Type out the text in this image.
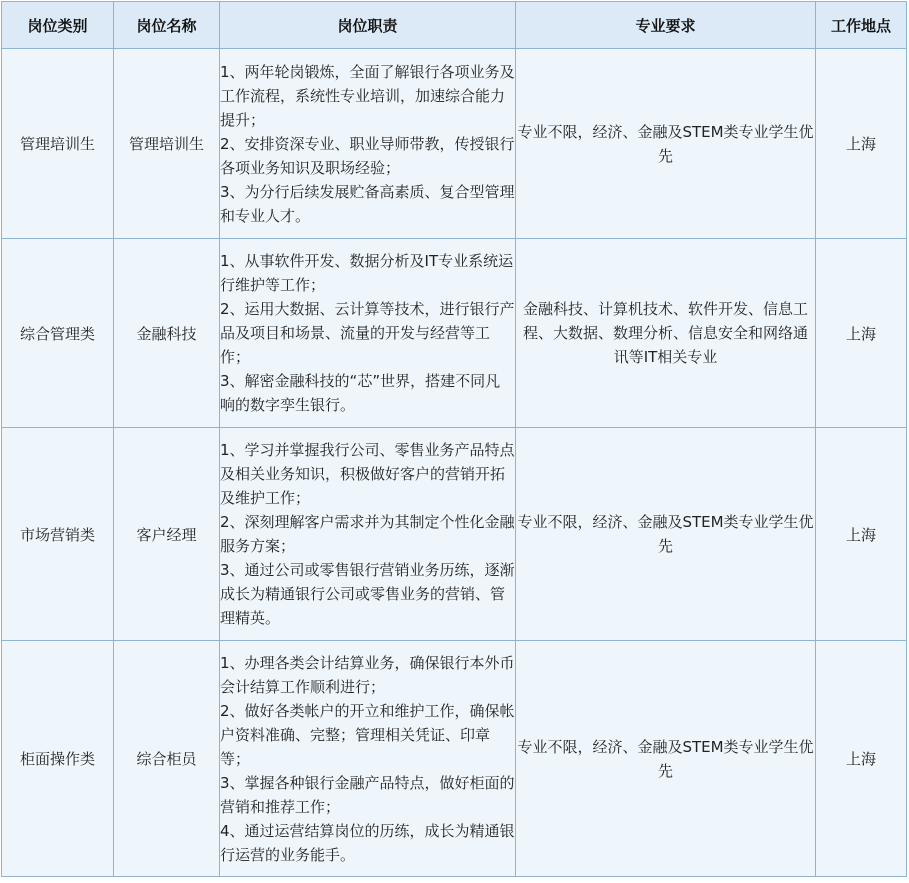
岗位类别	岗位名称	岗位职责	专业要求	工作地点
管理培训生	管理培训生	1、两年轮岗锻炼，全面了解银行各项业务及工作流程，系统性专业培训，加速综合能力提升；
2、安排资深专业、职业导师带教，传授银行各项业务知识及职场经验；
3、为分行后续发展贮备高素质、复合型管理和专业人才。	专业不限，经济、金融及STEM类专业学生优先	上海
综合管理类	金融科技	1、从事软件开发、数据分析及IT专业系统运行维护等工作；
2、运用大数据、云计算等技术，进行银行产品及项目和场景、流量的开发与经营等工作；
3、解密金融科技的“芯”世界，搭建不同凡响的数字孪生银行。	金融科技、计算机技术、软件开发、信息工程、大数据、数理分析、信息安全和网络通讯等IT相关专业	上海
市场营销类	客户经理	1、学习并掌握我行公司、零售业务产品特点及相关业务知识，积极做好客户的营销开拓及维护工作；
2、深刻理解客户需求并为其制定个性化金融服务方案；
3、通过公司或零售银行营销业务历练，逐渐成长为精通银行公司或零售业务的营销、管理精英。	专业不限，经济、金融及STEM类专业学生优先	上海
柜面操作类	综合柜员	1、办理各类会计结算业务，确保银行本外币会计结算工作顺利进行；
2、做好各类帐户的开立和维护工作，确保帐户资料准确、完整；管理相关凭证、印章等；
3、掌握各种银行金融产品特点，做好柜面的营销和推荐工作；
4、通过运营结算岗位的历练，成长为精通银行运营的业务能手。	专业不限，经济、金融及STEM类专业学生优先	上海
